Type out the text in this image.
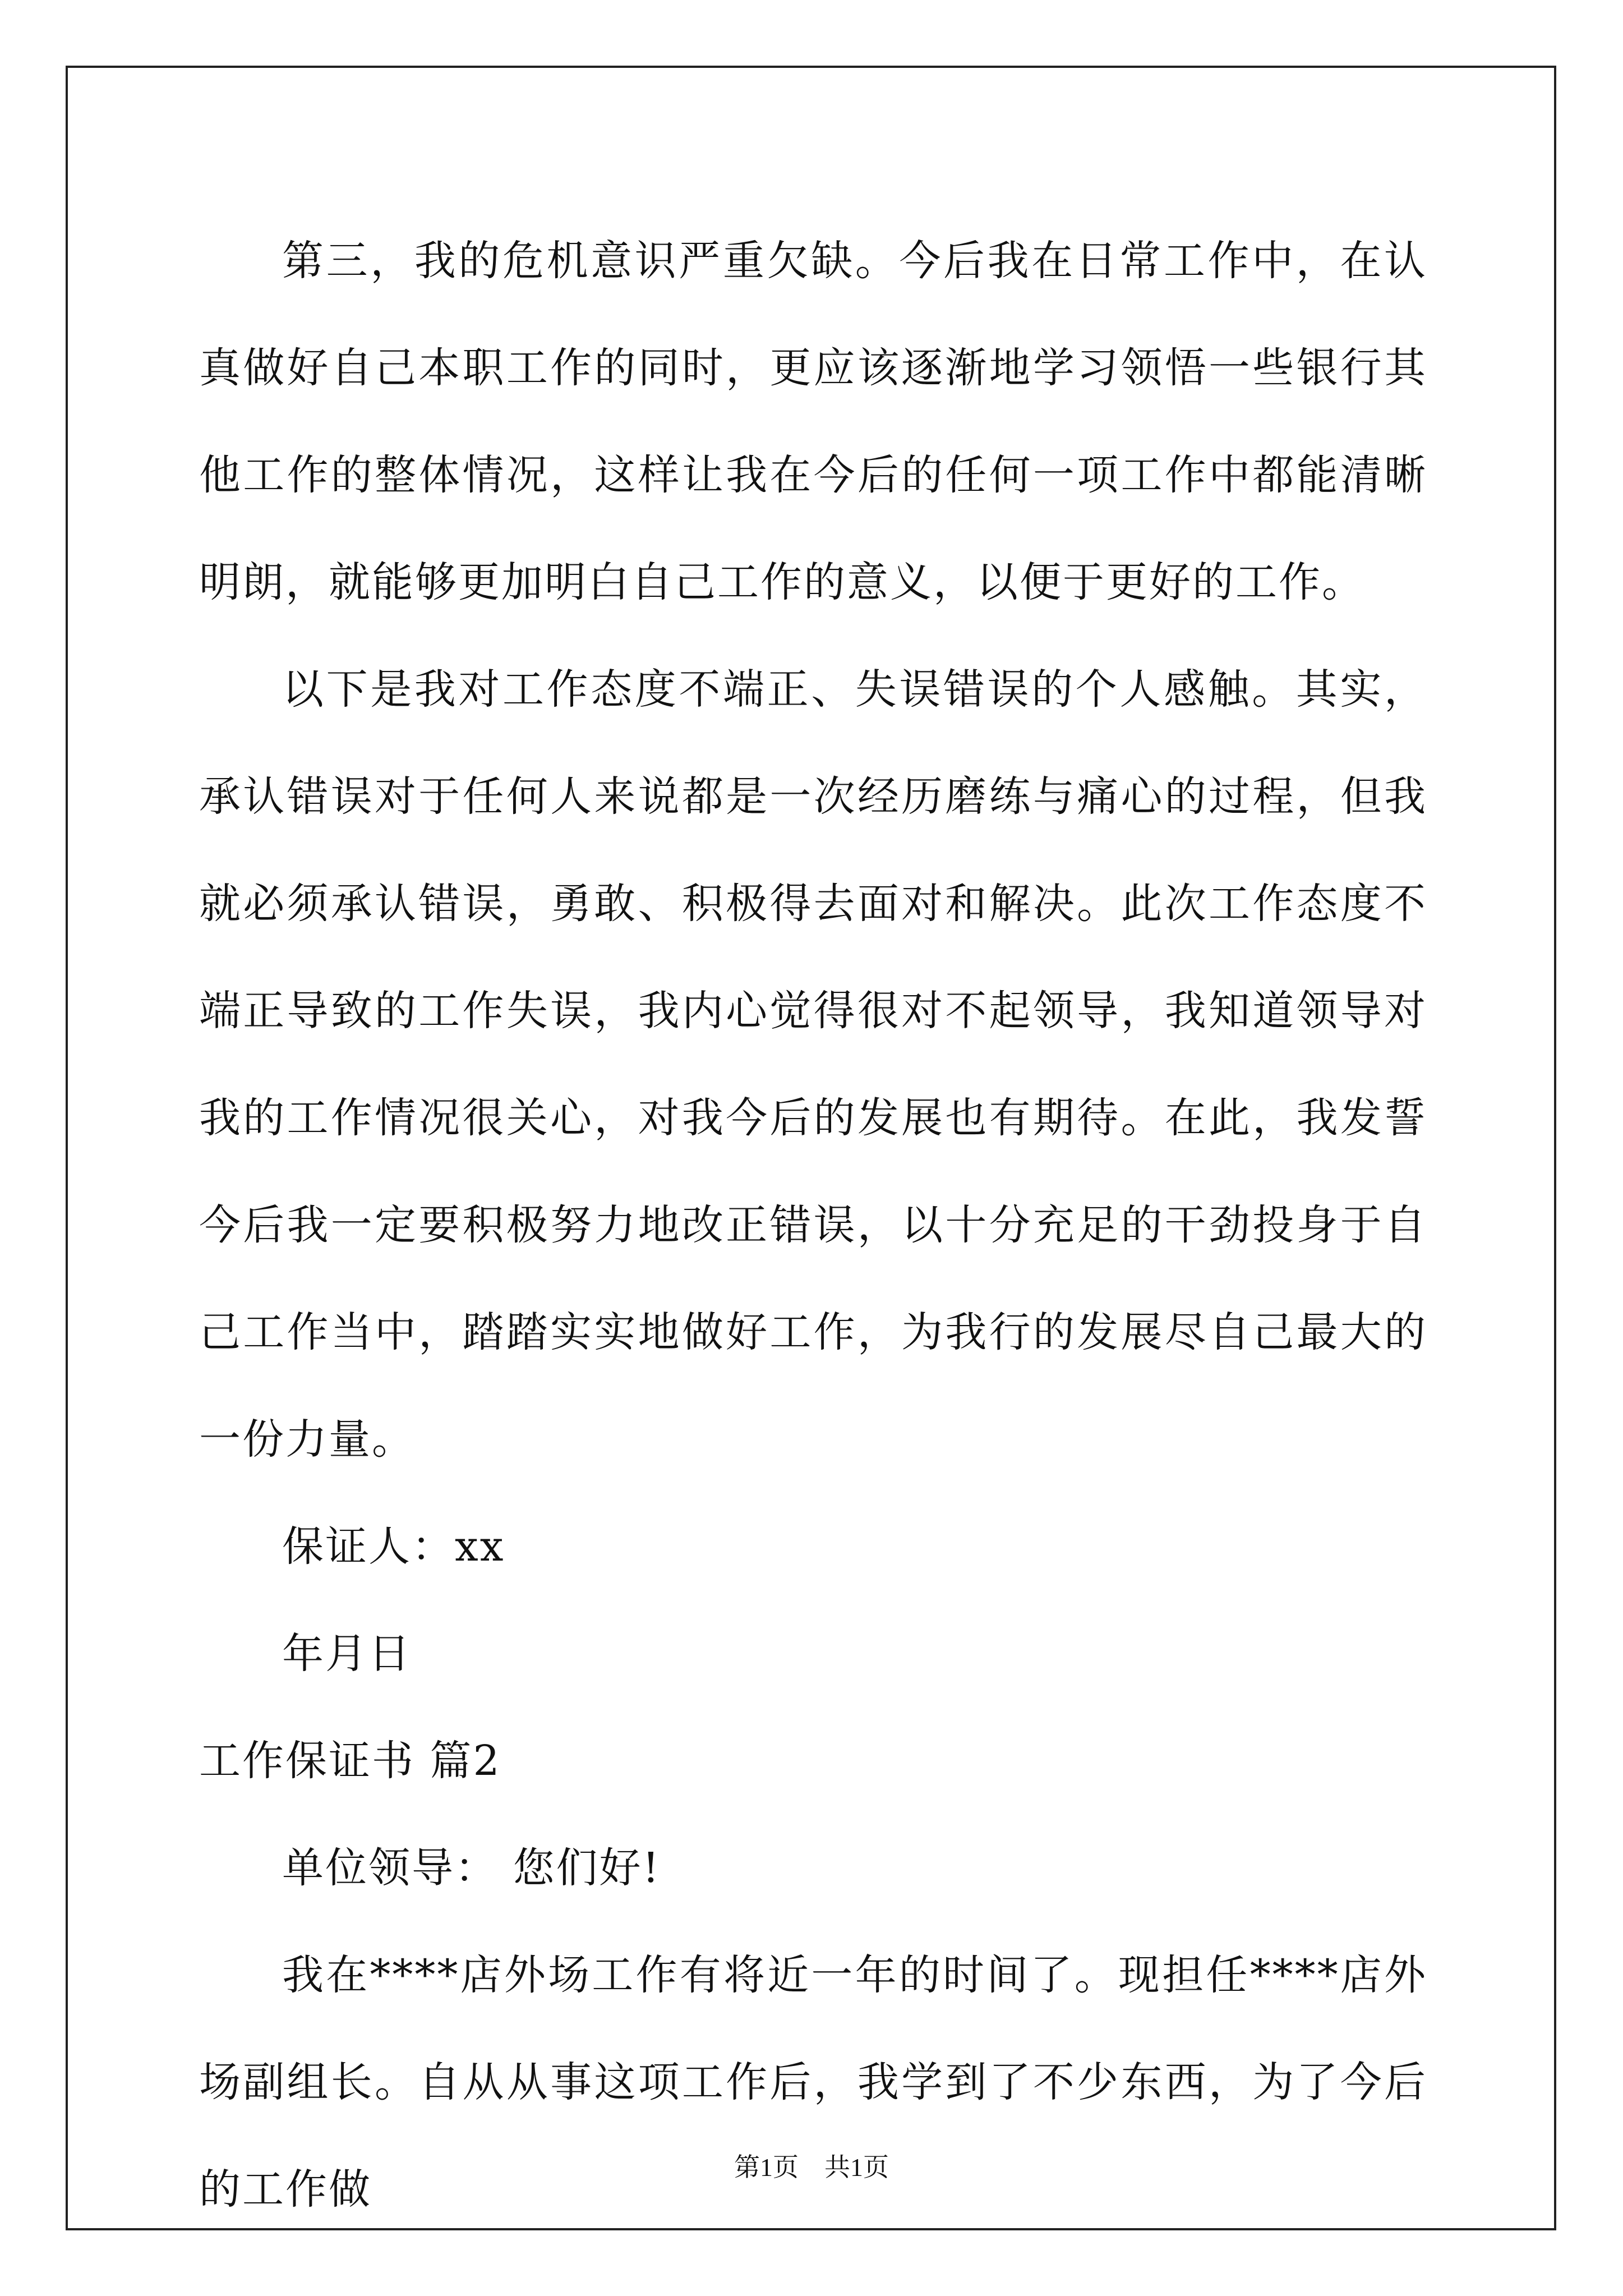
第三，我的危机意识严重欠缺。今后我在日常工作中，在认真做好自己本职工作的同时，更应该逐渐地学习领悟一些银行其他工作的整体情况，这样让我在今后的任何一项工作中都能清晰明朗，就能够更加明白自己工作的意义，以便于更好的工作。

以下是我对工作态度不端正、失误错误的个人感触。其实，承认错误对于任何人来说都是一次经历磨练与痛心的过程，但我就必须承认错误，勇敢、积极得去面对和解决。此次工作态度不端正导致的工作失误，我内心觉得很对不起领导，我知道领导对我的工作情况很关心，对我今后的发展也有期待。在此，我发誓今后我一定要积极努力地改正错误，以十分充足的干劲投身于自己工作当中，踏踏实实地做好工作，为我行的发展尽自己最大的一份力量。

保证人：xx

年月日

工作保证书 篇2

单位领导： 您们好!

我在****店外场工作有将近一年的时间了。现担任****店外场副组长。自从从事这项工作后，我学到了不少东西，为了今后的工作做	第1页 共1页
